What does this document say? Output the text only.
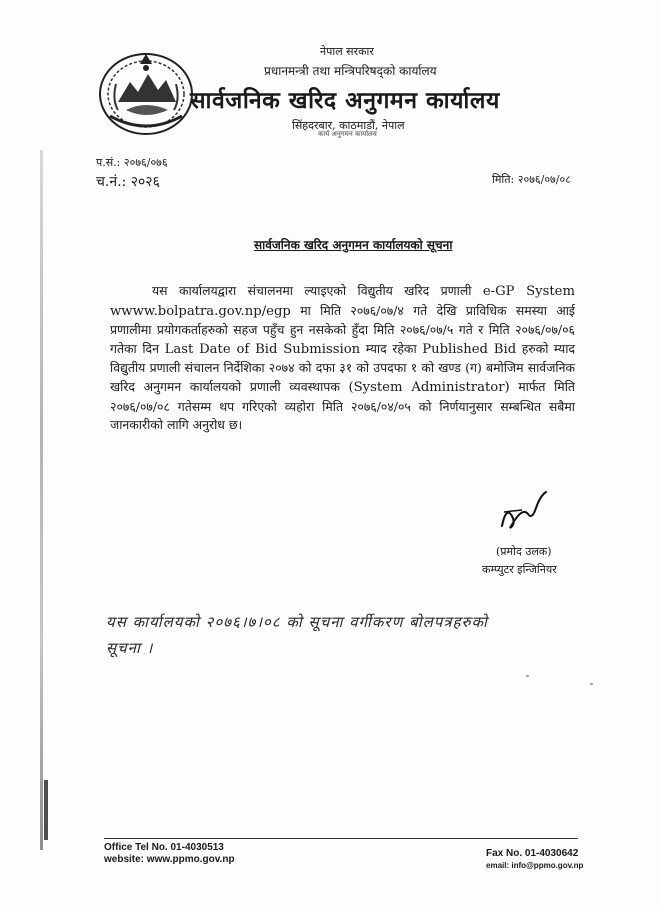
नेपाल सरकार
प्रधानमन्त्री तथा मन्त्रिपरिषद्को कार्यालय
सार्वजनिक खरिद अनुगमन कार्यालय
सिंहदरबार, काठमाडौं, नेपाल
कार्य अनुगमन कार्यालय
प.सं.: २०७६/०७६
च.नं.: २०२६	मिति: २०७६/०७/०८
सार्वजनिक खरिद अनुगमन कार्यालयको सूचना
यस कार्यालयद्वारा संचालनमा ल्याइएको विद्युतीय खरिद प्रणाली e-GP System wwww.bolpatra.gov.np/egp मा मिति २०७६/०७/४ गते देखि प्राविधिक समस्या आई प्रणालीमा प्रयोगकर्ताहरुको सहज पहुँच हुन नसकेको हुँदा मिति २०७६/०७/५ गते र मिति २०७६/०७/०६ गतेका दिन Last Date of Bid Submission म्याद रहेका Published Bid हरुको म्याद विद्युतीय प्रणाली संचालन निर्देशिका २०७४ को दफा ३१ को उपदफा १ को खण्ड (ग) बमोजिम सार्वजनिक खरिद अनुगमन कार्यालयको प्रणाली व्यवस्थापक (System Administrator) मार्फत मिति २०७६/०७/०८ गतेसम्म थप गरिएको व्यहोरा मिति २०७६/०४/०५ को निर्णयानुसार सम्बन्धित सबैमा जानकारीको लागि अनुरोध छ।
(प्रमोद उलक)
कम्प्युटर इन्जिनियर
यस कार्यालयको २०७६।७।०८ को सूचना वर्गीकरण बोलपत्रहरुको
सूचना ।
Office Tel No. 01-4030513
website: www.ppmo.gov.np
Fax No. 01-4030642
email: info@ppmo.gov.np
